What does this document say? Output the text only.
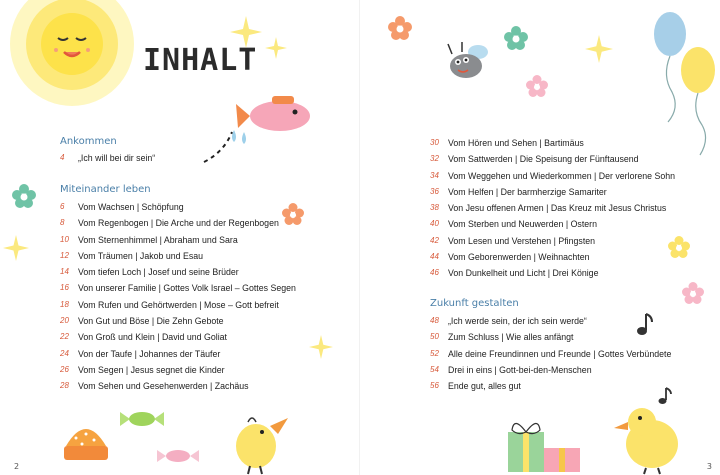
INHALT
Ankommen
4	„Ich will bei dir sein“
Miteinander leben
6	Vom Wachsen | Schöpfung
8	Vom Regenbogen | Die Arche und der Regenbogen
10	Vom Sternenhimmel | Abraham und Sara
12	Vom Träumen | Jakob und Esau
14	Vom tiefen Loch | Josef und seine Brüder
16	Von unserer Familie | Gottes Volk Israel – Gottes Segen
18	Vom Rufen und Gehörtwerden | Mose – Gott befreit
20	Von Gut und Böse | Die Zehn Gebote
22	Von Groß und Klein | David und Goliat
24	Von der Taufe | Johannes der Täufer
26	Vom Segen | Jesus segnet die Kinder
28	Vom Sehen und Gesehenwerden | Zachäus
2
30	Vom Hören und Sehen | Bartimäus
32	Vom Sattwerden | Die Speisung der Fünftausend
34	Vom Weggehen und Wiederkommen | Der verlorene Sohn
36	Vom Helfen | Der barmherzige Samariter
38	Von Jesu offenen Armen | Das Kreuz mit Jesus Christus
40	Vom Sterben und Neuwerden | Ostern
42	Vom Lesen und Verstehen | Pfingsten
44	Vom Geborenwerden | Weihnachten
46	Von Dunkelheit und Licht | Drei Könige
Zukunft gestalten
48	„Ich werde sein, der ich sein werde“
50	Zum Schluss | Wie alles anfängt
52	Alle deine Freundinnen und Freunde | Gottes Verbündete
54	Drei in eins | Gott-bei-den-Menschen
56	Ende gut, alles gut
3
